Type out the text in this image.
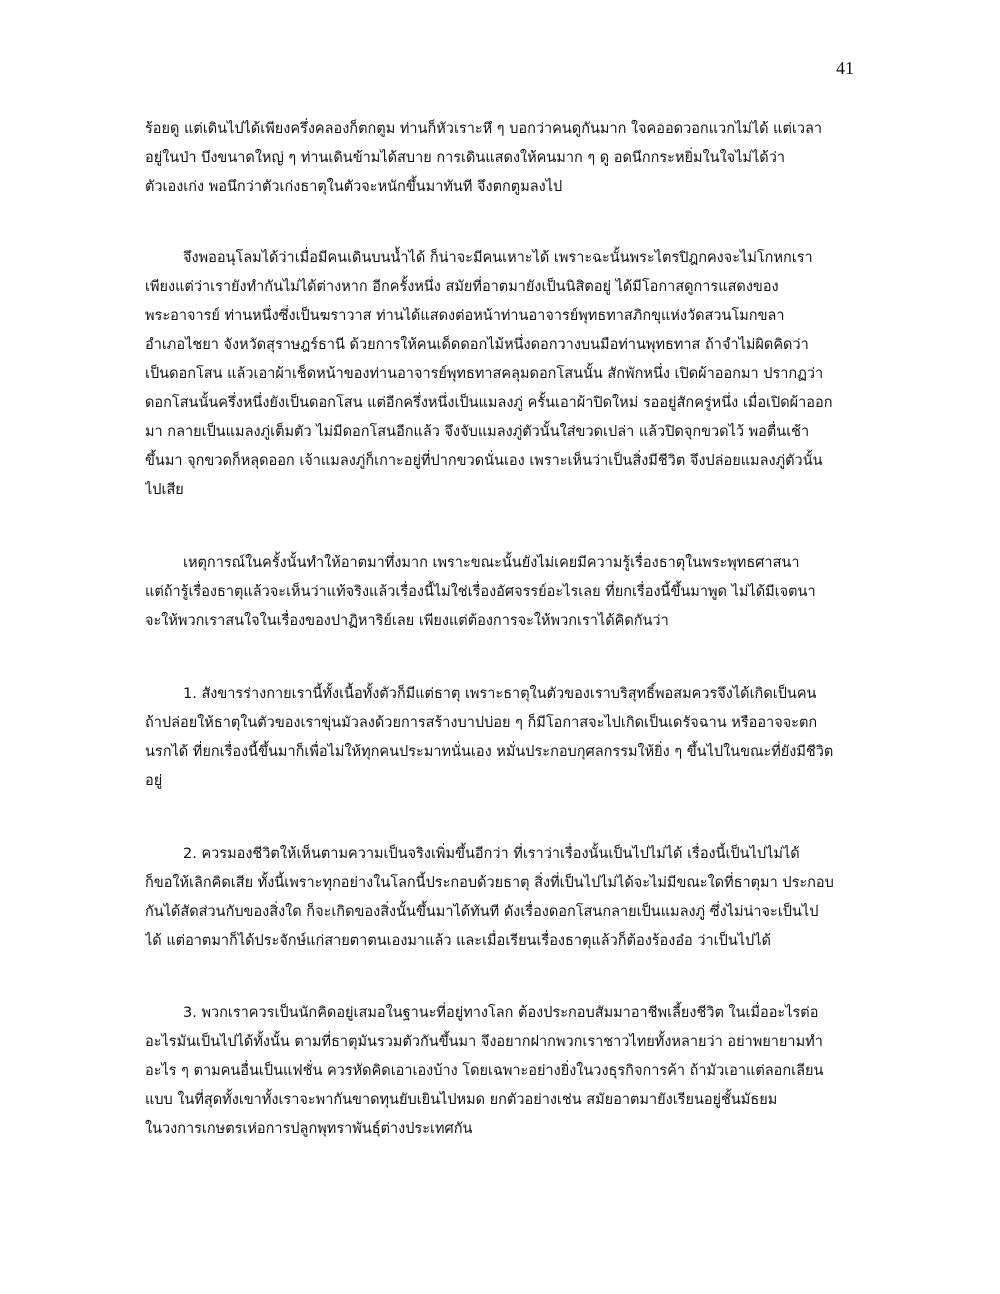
41
ร้อยดู แต่เดินไปได้เพียงครึ่งคลองก็ตกตูม ท่านก็หัวเราะหึ ๆ บอกว่าคนดูกันมาก ใจคออดวอกแวกไม่ได้ แต่เวลา
อยู่ในป่า บึงขนาดใหญ่ ๆ ท่านเดินข้ามได้สบาย การเดินแสดงให้คนมาก ๆ ดู อดนึกกระหยิ่มในใจไม่ได้ว่า
ตัวเองเก่ง พอนึกว่าตัวเก่งธาตุในตัวจะหนักขึ้นมาทันที จึงตกตูมลงไป
จึงพออนุโลมได้ว่าเมื่อมีคนเดินบนน้ำได้ ก็น่าจะมีคนเหาะได้ เพราะฉะนั้นพระไตรปิฎกคงจะไม่โกหกเรา
เพียงแต่ว่าเรายังทำกันไม่ได้ต่างหาก อีกครั้งหนึ่ง สมัยที่อาตมายังเป็นนิสิตอยู่ ได้มีโอกาสดูการแสดงของ
พระอาจารย์ ท่านหนึ่งซึ่งเป็นฆราวาส ท่านได้แสดงต่อหน้าท่านอาจารย์พุทธทาสภิกขุแห่งวัดสวนโมกขลา
อำเภอไชยา จังหวัดสุราษฎร์ธานี ด้วยการให้คนเด็ดดอกไม้หนึ่งดอกวางบนมือท่านพุทธทาส ถ้าจำไม่ผิดคิดว่า
เป็นดอกโสน แล้วเอาผ้าเช็ดหน้าของท่านอาจารย์พุทธทาสคลุมดอกโสนนั้น สักพักหนึ่ง เปิดผ้าออกมา ปรากฏว่า
ดอกโสนนั้นครึ่งหนึ่งยังเป็นดอกโสน แต่อีกครึ่งหนึ่งเป็นแมลงภู่ ครั้นเอาผ้าปิดใหม่ รออยู่สักครู่หนึ่ง เมื่อเปิดผ้าออก
มา กลายเป็นแมลงภู่เต็มตัว ไม่มีดอกโสนอีกแล้ว จึงจับแมลงภู่ตัวนั้นใส่ขวดเปล่า แล้วปิดจุกขวดไว้ พอตื่นเช้า
ขึ้นมา จุกขวดก็หลุดออก เจ้าแมลงภู่ก็เกาะอยู่ที่ปากขวดนั่นเอง เพราะเห็นว่าเป็นสิ่งมีชีวิต จึงปล่อยแมลงภู่ตัวนั้น
ไปเสีย
เหตุการณ์ในครั้งนั้นทำให้อาตมาทึ่งมาก เพราะขณะนั้นยังไม่เคยมีความรู้เรื่องธาตุในพระพุทธศาสนา
แต่ถ้ารู้เรื่องธาตุแล้วจะเห็นว่าแท้จริงแล้วเรื่องนี้ไม่ใช่เรื่องอัศจรรย์อะไรเลย ที่ยกเรื่องนี้ขึ้นมาพูด ไม่ได้มีเจตนา
จะให้พวกเราสนใจในเรื่องของปาฏิหาริย์เลย เพียงแต่ต้องการจะให้พวกเราได้คิดกันว่า
1. สังขารร่างกายเรานี้ทั้งเนื้อทั้งตัวก็มีแต่ธาตุ เพราะธาตุในตัวของเราบริสุทธิ์พอสมควรจึงได้เกิดเป็นคน
ถ้าปล่อยให้ธาตุในตัวของเราขุ่นมัวลงด้วยการสร้างบาปบ่อย ๆ ก็มีโอกาสจะไปเกิดเป็นเดรัจฉาน หรืออาจจะตก
นรกได้ ที่ยกเรื่องนี้ขึ้นมาก็เพื่อไม่ให้ทุกคนประมาทนั่นเอง หมั่นประกอบกุศลกรรมให้ยิ่ง ๆ ขึ้นไปในขณะที่ยังมีชีวิต
อยู่
2. ควรมองชีวิตให้เห็นตามความเป็นจริงเพิ่มขึ้นอีกว่า ที่เราว่าเรื่องนั้นเป็นไปไม่ได้ เรื่องนี้เป็นไปไม่ได้
ก็ขอให้เลิกคิดเสีย ทั้งนี้เพราะทุกอย่างในโลกนี้ประกอบด้วยธาตุ สิ่งที่เป็นไปไม่ได้จะไม่มีขณะใดที่ธาตุมา ประกอบ
กันได้สัดส่วนกับของสิ่งใด ก็จะเกิดของสิ่งนั้นขึ้นมาได้ทันที ดังเรื่องดอกโสนกลายเป็นแมลงภู่ ซึ่งไม่น่าจะเป็นไป
ได้ แต่อาตมาก็ได้ประจักษ์แก่สายตาตนเองมาแล้ว และเมื่อเรียนเรื่องธาตุแล้วก็ต้องร้องอ๋อ ว่าเป็นไปได้
3. พวกเราควรเป็นนักคิดอยู่เสมอในฐานะที่อยู่ทางโลก ต้องประกอบสัมมาอาชีพเลี้ยงชีวิต ในเมื่ออะไรต่อ
อะไรมันเป็นไปได้ทั้งนั้น ตามที่ธาตุมันรวมตัวกันขึ้นมา จึงอยากฝากพวกเราชาวไทยทั้งหลายว่า อย่าพยายามทำ
อะไร ๆ ตามคนอื่นเป็นแฟชั่น ควรหัดคิดเอาเองบ้าง โดยเฉพาะอย่างยิ่งในวงธุรกิจการค้า ถ้ามัวเอาแต่ลอกเลียน
แบบ ในที่สุดทั้งเขาทั้งเราจะพากันขาดทุนยับเยินไปหมด ยกตัวอย่างเช่น สมัยอาตมายังเรียนอยู่ชั้นมัธยม
ในวงการเกษตรเห่อการปลูกพุทราพันธุ์ต่างประเทศกัน
